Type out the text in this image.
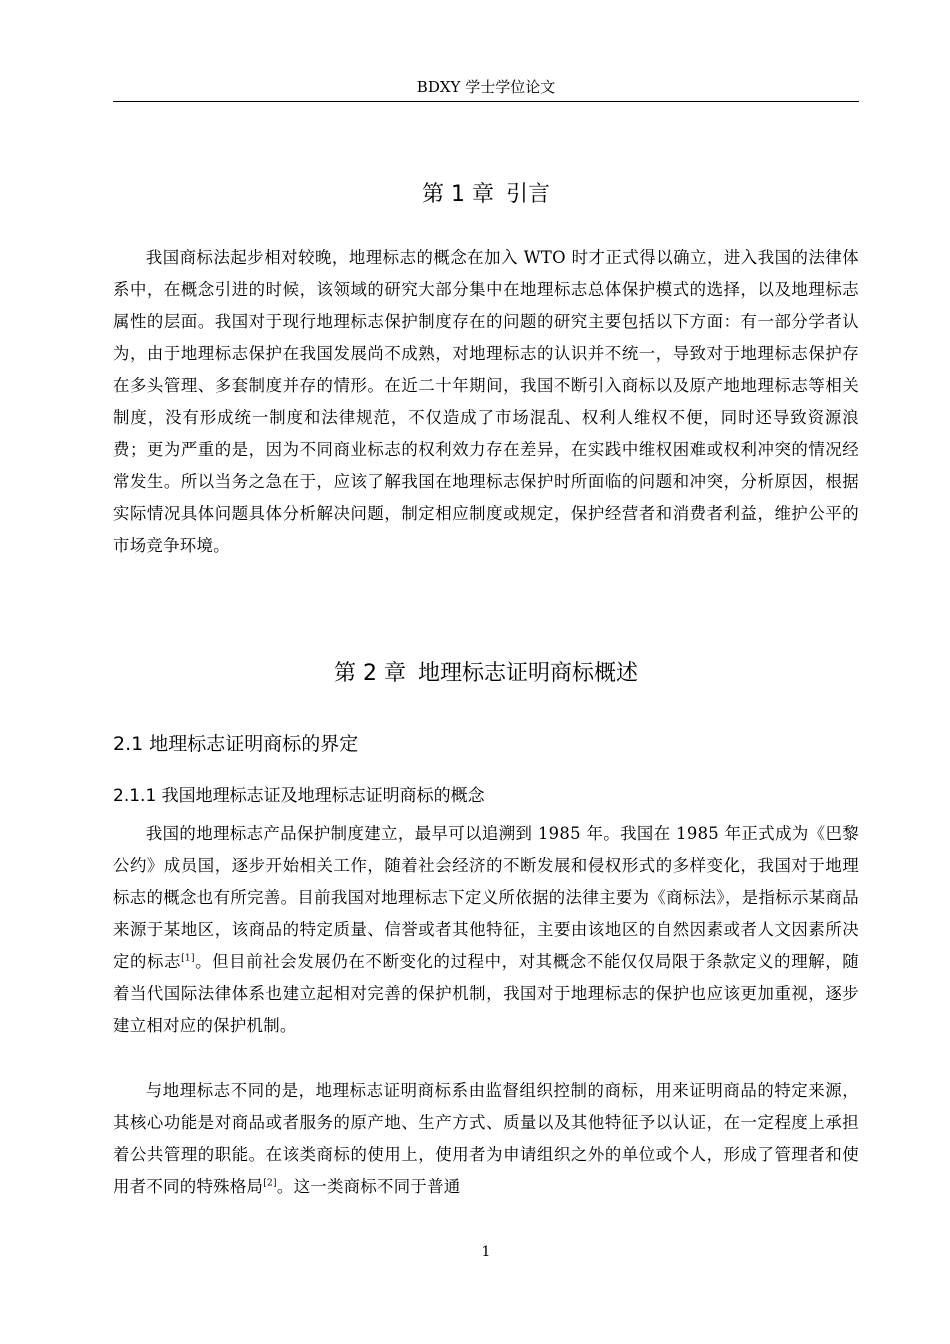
BDXY 学士学位论文
第 1 章 引言

我国商标法起步相对较晚，地理标志的概念在加入 WTO 时才正式得以确立，进入我国的法律体系中，在概念引进的时候，该领域的研究大部分集中在地理标志总体保护模式的选择，以及地理标志属性的层面。我国对于现行地理标志保护制度存在的问题的研究主要包括以下方面：有一部分学者认为，由于地理标志保护在我国发展尚不成熟，对地理标志的认识并不统一，导致对于地理标志保护存在多头管理、多套制度并存的情形。在近二十年期间，我国不断引入商标以及原产地地理标志等相关制度，没有形成统一制度和法律规范，不仅造成了市场混乱、权利人维权不便，同时还导致资源浪费；更为严重的是，因为不同商业标志的权利效力存在差异，在实践中维权困难或权利冲突的情况经常发生。所以当务之急在于，应该了解我国在地理标志保护时所面临的问题和冲突，分析原因，根据实际情况具体问题具体分析解决问题，制定相应制度或规定，保护经营者和消费者利益，维护公平的市场竞争环境。

第 2 章 地理标志证明商标概述
2.1 地理标志证明商标的界定
2.1.1 我国地理标志证及地理标志证明商标的概念

我国的地理标志产品保护制度建立，最早可以追溯到 1985 年。我国在 1985 年正式成为《巴黎公约》成员国，逐步开始相关工作，随着社会经济的不断发展和侵权形式的多样变化，我国对于地理标志的概念也有所完善。目前我国对地理标志下定义所依据的法律主要为《商标法》，是指标示某商品来源于某地区，该商品的特定质量、信誉或者其他特征，主要由该地区的自然因素或者人文因素所决定的标志[1]。但目前社会发展仍在不断变化的过程中，对其概念不能仅仅局限于条款定义的理解，随着当代国际法律体系也建立起相对完善的保护机制，我国对于地理标志的保护也应该更加重视，逐步建立相对应的保护机制。

与地理标志不同的是，地理标志证明商标系由监督组织控制的商标，用来证明商品的特定来源，其核心功能是对商品或者服务的原产地、生产方式、质量以及其他特征予以认证，在一定程度上承担着公共管理的职能。在该类商标的使用上，使用者为申请组织之外的单位或个人，形成了管理者和使用者不同的特殊格局[2]。这一类商标不同于普通

1
